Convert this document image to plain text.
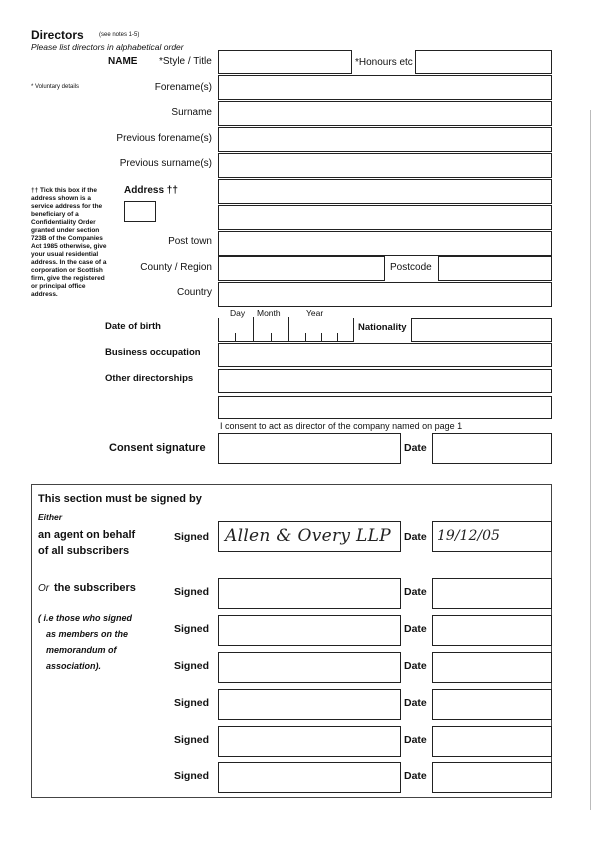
Directors	(see notes 1-5)
Please list directors in alphabetical order
NAME *Style / Title	*Honours etc
* Voluntary details	Forename(s)
Surname
Previous forename(s)
Previous surname(s)
†† Tick this box if the address shown is a service address for the beneficiary of a Confidentiality Order granted under section 723B of the Companies Act 1985 otherwise, give your usual residential address. In the case of a corporation or Scottish firm, give the registered or principal office address.
Address ††
Post town
County / Region	Postcode
Country
Day Month	Year
Date of birth	Nationality
Business occupation
Other directorships
I consent to act as director of the company named on page 1
Consent signature	Date
This section must be signed by
Either
an agent on behalf
of all subscribers
Signed Allen & Overy LLP Date 19/12/05
Or the subscribers
( i.e those who signed
as members on the
memorandum of
association).
Signed	Date
Signed	Date
Signed	Date
Signed	Date
Signed	Date
Signed	Date
